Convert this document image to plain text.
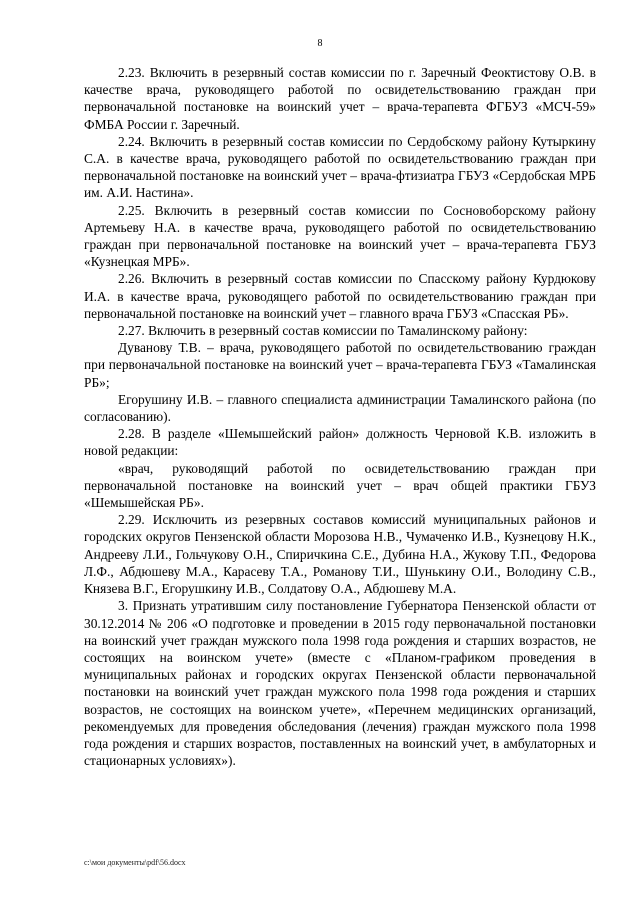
8

2.23. Включить в резервный состав комиссии по г. Заречный Феоктистову О.В. в качестве врача, руководящего работой по освидетельствованию граждан при первоначальной постановке на воинский учет – врача-терапевта ФГБУЗ «МСЧ-59» ФМБА России г. Заречный.

2.24. Включить в резервный состав комиссии по Сердобскому району Кутыркину С.А. в качестве врача, руководящего работой по освидетельствованию граждан при первоначальной постановке на воинский учет – врача-фтизиатра ГБУЗ «Сердобская МРБ им. А.И. Настина».

2.25. Включить в резервный состав комиссии по Сосновоборскому району Артемьеву Н.А. в качестве врача, руководящего работой по освидетельствованию граждан при первоначальной постановке на воинский учет – врача-терапевта ГБУЗ «Кузнецкая МРБ».

2.26. Включить в резервный состав комиссии по Спасскому району Курдюкову И.А. в качестве врача, руководящего работой по освидетельствованию граждан при первоначальной постановке на воинский учет – главного врача ГБУЗ «Спасская РБ».

2.27. Включить в резервный состав комиссии по Тамалинскому району:

Дуванову Т.В. – врача, руководящего работой по освидетельствованию граждан при первоначальной постановке на воинский учет – врача-терапевта ГБУЗ «Тамалинская РБ»;

Егорушину И.В. – главного специалиста администрации Тамалинского района (по согласованию).

2.28. В разделе «Шемышейский район» должность Черновой К.В. изложить в новой редакции:

«врач, руководящий работой по освидетельствованию граждан при первоначальной постановке на воинский учет – врач общей практики ГБУЗ «Шемышейская РБ».

2.29. Исключить из резервных составов комиссий муниципальных районов и городских округов Пензенской области Морозова Н.В., Чумаченко И.В., Кузнецову Н.К., Андрееву Л.И., Гольчукову О.Н., Спиричкина С.Е., Дубина Н.А., Жукову Т.П., Федорова Л.Ф., Абдюшеву М.А., Карасеву Т.А., Романову Т.И., Шунькину О.И., Володину С.В., Князева В.Г., Егорушкину И.В., Солдатову О.А., Абдюшеву М.А.

3. Признать утратившим силу постановление Губернатора Пензенской области от 30.12.2014 № 206 «О подготовке и проведении в 2015 году первоначальной постановки на воинский учет граждан мужского пола 1998 года рождения и старших возрастов, не состоящих на воинском учете» (вместе с «Планом-графиком проведения в муниципальных районах и городских округах Пензенской области первоначальной постановки на воинский учет граждан мужского пола 1998 года рождения и старших возрастов, не состоящих на воинском учете», «Перечнем медицинских организаций, рекомендуемых для проведения обследования (лечения) граждан мужского пола 1998 года рождения и старших возрастов, поставленных на воинский учет, в амбулаторных и стационарных условиях»).

c:\мои документы\pdf\56.docx
